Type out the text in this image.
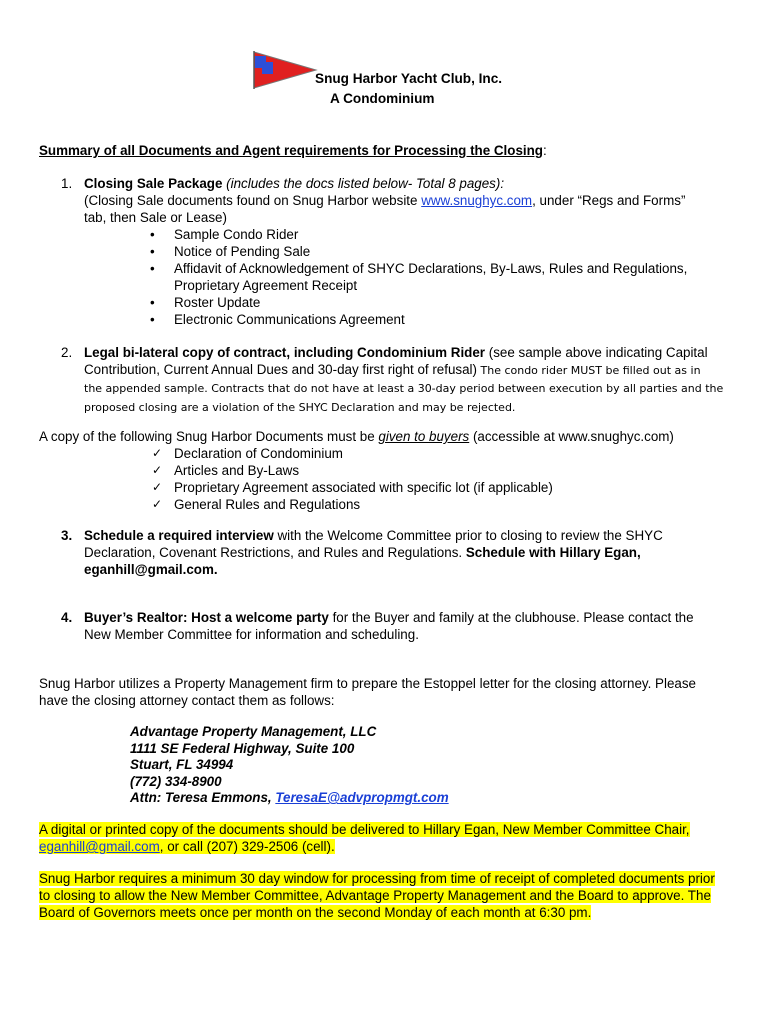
Snug Harbor Yacht Club, Inc.
A Condominium
Summary of all Documents and Agent requirements for Processing the Closing:
1. Closing Sale Package (includes the docs listed below- Total 8 pages):
(Closing Sale documents found on Snug Harbor website www.snughyc.com, under “Regs and Forms”
tab, then Sale or Lease)
• Sample Condo Rider
• Notice of Pending Sale
• Affidavit of Acknowledgement of SHYC Declarations, By-Laws, Rules and Regulations,
Proprietary Agreement Receipt
• Roster Update
• Electronic Communications Agreement
2. Legal bi-lateral copy of contract, including Condominium Rider (see sample above indicating Capital
Contribution, Current Annual Dues and 30-day first right of refusal) The condo rider MUST be filled out as in
the appended sample. Contracts that do not have at least a 30-day period between execution by all parties and the
proposed closing are a violation of the SHYC Declaration and may be rejected.
A copy of the following Snug Harbor Documents must be given to buyers (accessible at www.snughyc.com)
✓ Declaration of Condominium
✓ Articles and By-Laws
✓ Proprietary Agreement associated with specific lot (if applicable)
✓ General Rules and Regulations
3. Schedule a required interview with the Welcome Committee prior to closing to review the SHYC
Declaration, Covenant Restrictions, and Rules and Regulations. Schedule with Hillary Egan,
eganhill@gmail.com.
4. Buyer’s Realtor: Host a welcome party for the Buyer and family at the clubhouse. Please contact the
New Member Committee for information and scheduling.
Snug Harbor utilizes a Property Management firm to prepare the Estoppel letter for the closing attorney. Please
have the closing attorney contact them as follows:
Advantage Property Management, LLC
1111 SE Federal Highway, Suite 100
Stuart, FL 34994
(772) 334-8900
Attn: Teresa Emmons, TeresaE@advpropmgt.com
A digital or printed copy of the documents should be delivered to Hillary Egan, New Member Committee Chair,
eganhill@gmail.com, or call (207) 329-2506 (cell).
Snug Harbor requires a minimum 30 day window for processing from time of receipt of completed documents prior
to closing to allow the New Member Committee, Advantage Property Management and the Board to approve. The
Board of Governors meets once per month on the second Monday of each month at 6:30 pm.
